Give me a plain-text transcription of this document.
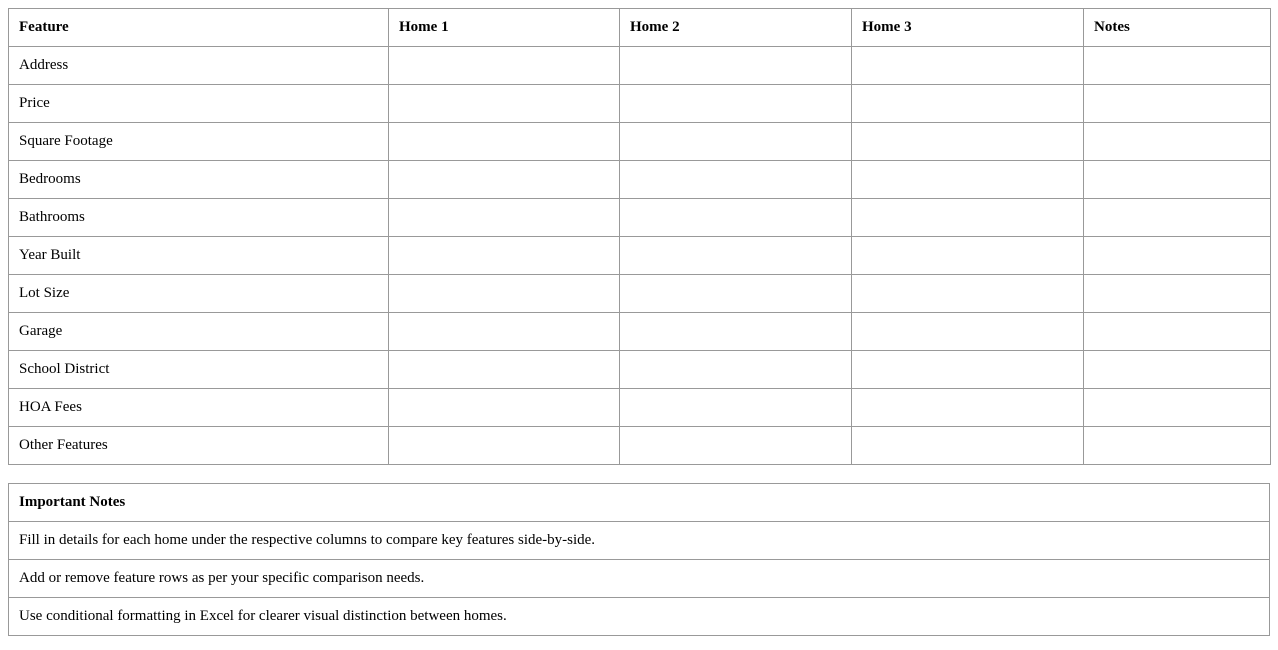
Feature	Home 1	Home 2	Home 3	Notes
Address				
Price				
Square Footage				
Bedrooms				
Bathrooms				
Year Built				
Lot Size				
Garage				
School District				
HOA Fees				
Other Features				
Important Notes
Fill in details for each home under the respective columns to compare key features side-by-side.
Add or remove feature rows as per your specific comparison needs.
Use conditional formatting in Excel for clearer visual distinction between homes.
